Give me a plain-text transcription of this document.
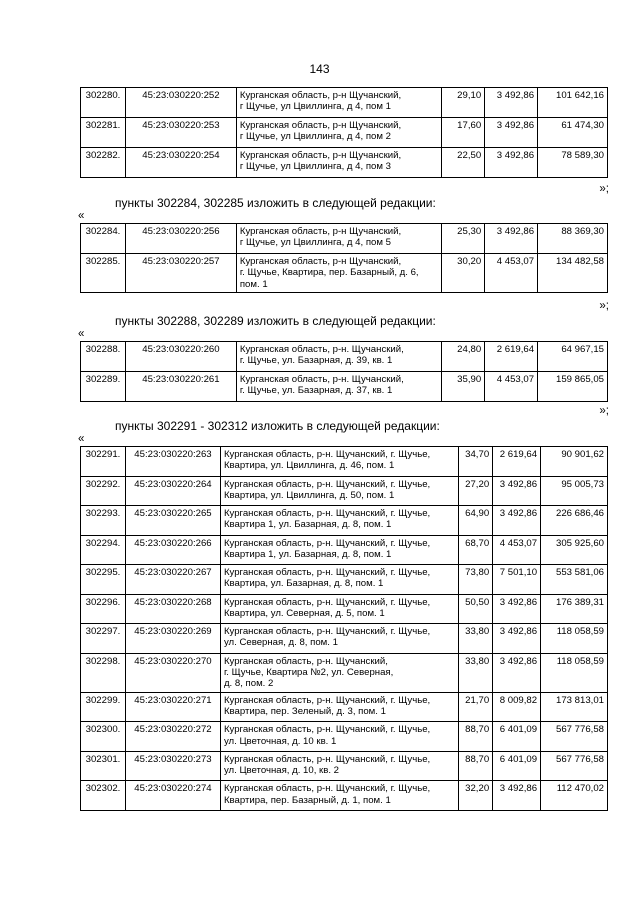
143
302280.	45:23:030220:252	Курганская область, р-н Щучанский,
г Щучье, ул Цвиллинга, д 4, пом 1	29,10	3 492,86	101 642,16
302281.	45:23:030220:253	Курганская область, р-н Щучанский,
г Щучье, ул Цвиллинга, д 4, пом 2	17,60	3 492,86	61 474,30
302282.	45:23:030220:254	Курганская область, р-н Щучанский,
г Щучье, ул Цвиллинга, д 4, пом 3	22,50	3 492,86	78 589,30
»;
пункты 302284, 302285 изложить в следующей редакции:
«
302284.	45:23:030220:256	Курганская область, р-н Щучанский,
г Щучье, ул Цвиллинга, д 4, пом 5	25,30	3 492,86	88 369,30
302285.	45:23:030220:257	Курганская область, р-н Щучанский,
г. Щучье, Квартира, пер. Базарный, д. 6,
пом. 1	30,20	4 453,07	134 482,58
»;
пункты 302288, 302289 изложить в следующей редакции:
«
302288.	45:23:030220:260	Курганская область, р-н. Щучанский,
г. Щучье, ул. Базарная, д. 39, кв. 1	24,80	2 619,64	64 967,15
302289.	45:23:030220:261	Курганская область, р-н. Щучанский,
г. Щучье, ул. Базарная, д. 37, кв. 1	35,90	4 453,07	159 865,05
»;
пункты 302291 - 302312 изложить в следующей редакции:
«
302291.	45:23:030220:263	Курганская область, р-н. Щучанский, г. Щучье,
Квартира, ул. Цвиллинга, д. 46, пом. 1	34,70	2 619,64	90 901,62
302292.	45:23:030220:264	Курганская область, р-н. Щучанский, г. Щучье,
Квартира, ул. Цвиллинга, д. 50, пом. 1	27,20	3 492,86	95 005,73
302293.	45:23:030220:265	Курганская область, р-н. Щучанский, г. Щучье,
Квартира 1, ул. Базарная, д. 8, пом. 1	64,90	3 492,86	226 686,46
302294.	45:23:030220:266	Курганская область, р-н. Щучанский, г. Щучье,
Квартира 1, ул. Базарная, д. 8, пом. 1	68,70	4 453,07	305 925,60
302295.	45:23:030220:267	Курганская область, р-н. Щучанский, г. Щучье,
Квартира, ул. Базарная, д. 8, пом. 1	73,80	7 501,10	553 581,06
302296.	45:23:030220:268	Курганская область, р-н. Щучанский, г. Щучье,
Квартира, ул. Северная, д. 5, пом. 1	50,50	3 492,86	176 389,31
302297.	45:23:030220:269	Курганская область, р-н. Щучанский, г. Щучье,
ул. Северная, д. 8, пом. 1	33,80	3 492,86	118 058,59
302298.	45:23:030220:270	Курганская область, р-н. Щучанский,
г. Щучье, Квартира №2, ул. Северная,
д. 8, пом. 2	33,80	3 492,86	118 058,59
302299.	45:23:030220:271	Курганская область, р-н. Щучанский, г. Щучье,
Квартира, пер. Зеленый, д. 3, пом. 1	21,70	8 009,82	173 813,01
302300.	45:23:030220:272	Курганская область, р-н. Щучанский, г. Щучье,
ул. Цветочная, д. 10 кв. 1	88,70	6 401,09	567 776,58
302301.	45:23:030220:273	Курганская область, р-н. Щучанский, г. Щучье,
ул. Цветочная, д. 10, кв. 2	88,70	6 401,09	567 776,58
302302.	45:23:030220:274	Курганская область, р-н. Щучанский, г. Щучье,
Квартира, пер. Базарный, д. 1, пом. 1	32,20	3 492,86	112 470,02
